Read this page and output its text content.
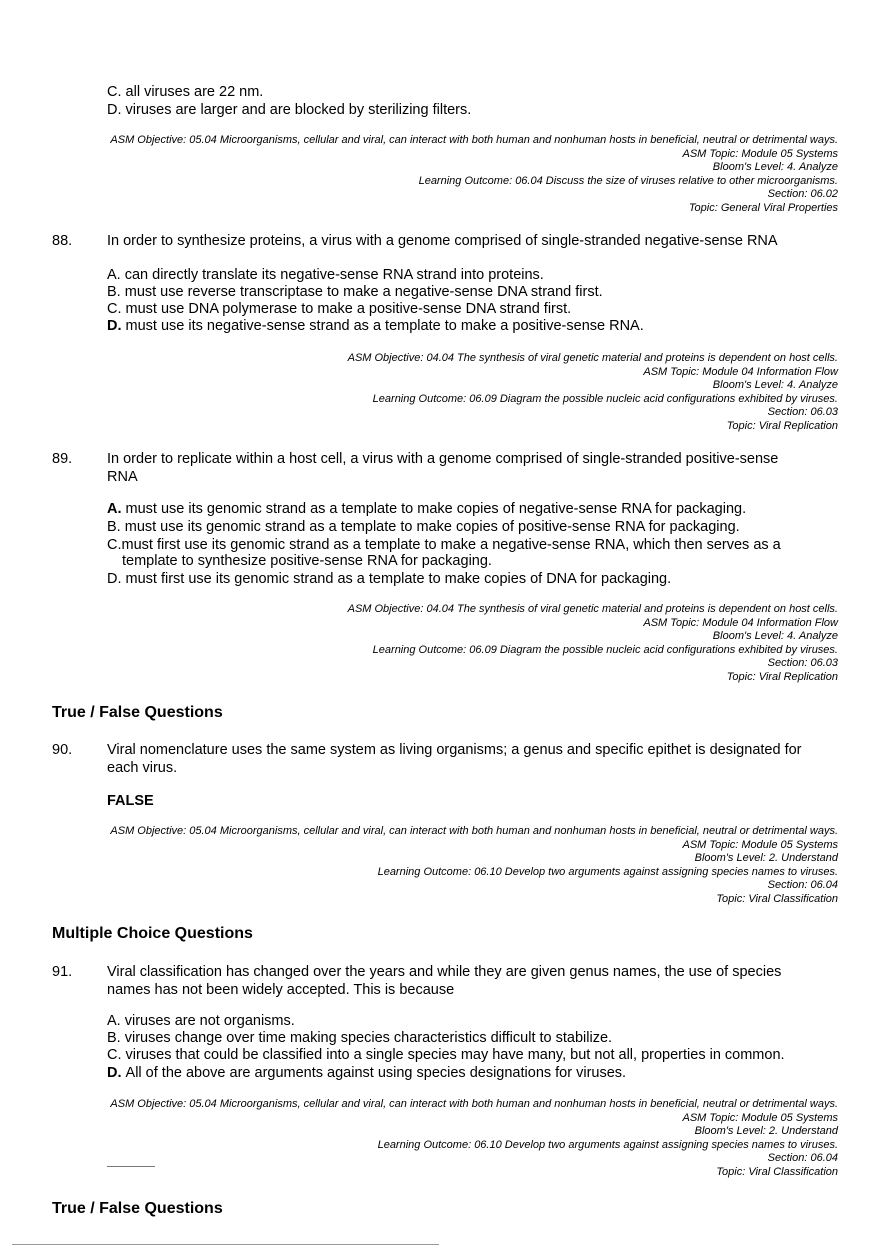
C. all viruses are 22 nm.
D. viruses are larger and are blocked by sterilizing filters.
ASM Objective: 05.04 Microorganisms, cellular and viral, can interact with both human and nonhuman hosts in beneficial, neutral or detrimental ways.
ASM Topic: Module 05 Systems
Bloom's Level: 4. Analyze
Learning Outcome: 06.04 Discuss the size of viruses relative to other microorganisms.
Section: 06.02
Topic: General Viral Properties
88. In order to synthesize proteins, a virus with a genome comprised of single-stranded negative-sense RNA
A. can directly translate its negative-sense RNA strand into proteins.
B. must use reverse transcriptase to make a negative-sense DNA strand first.
C. must use DNA polymerase to make a positive-sense DNA strand first.
D. must use its negative-sense strand as a template to make a positive-sense RNA.
ASM Objective: 04.04 The synthesis of viral genetic material and proteins is dependent on host cells.
ASM Topic: Module 04 Information Flow
Bloom's Level: 4. Analyze
Learning Outcome: 06.09 Diagram the possible nucleic acid configurations exhibited by viruses.
Section: 06.03
Topic: Viral Replication
89. In order to replicate within a host cell, a virus with a genome comprised of single-stranded positive-sense RNA
A. must use its genomic strand as a template to make copies of negative-sense RNA for packaging.
B. must use its genomic strand as a template to make copies of positive-sense RNA for packaging.
C.must first use its genomic strand as a template to make a negative-sense RNA, which then serves as a
template to synthesize positive-sense RNA for packaging.
D. must first use its genomic strand as a template to make copies of DNA for packaging.
ASM Objective: 04.04 The synthesis of viral genetic material and proteins is dependent on host cells.
ASM Topic: Module 04 Information Flow
Bloom's Level: 4. Analyze
Learning Outcome: 06.09 Diagram the possible nucleic acid configurations exhibited by viruses.
Section: 06.03
Topic: Viral Replication
True / False Questions
90. Viral nomenclature uses the same system as living organisms; a genus and specific epithet is designated for each virus.
FALSE
ASM Objective: 05.04 Microorganisms, cellular and viral, can interact with both human and nonhuman hosts in beneficial, neutral or detrimental ways.
ASM Topic: Module 05 Systems
Bloom's Level: 2. Understand
Learning Outcome: 06.10 Develop two arguments against assigning species names to viruses.
Section: 06.04
Topic: Viral Classification
Multiple Choice Questions
91. Viral classification has changed over the years and while they are given genus names, the use of species names has not been widely accepted. This is because
A. viruses are not organisms.
B. viruses change over time making species characteristics difficult to stabilize.
C. viruses that could be classified into a single species may have many, but not all, properties in common.
D. All of the above are arguments against using species designations for viruses.
ASM Objective: 05.04 Microorganisms, cellular and viral, can interact with both human and nonhuman hosts in beneficial, neutral or detrimental ways.
ASM Topic: Module 05 Systems
Bloom's Level: 2. Understand
Learning Outcome: 06.10 Develop two arguments against assigning species names to viruses.
Section: 06.04
Topic: Viral Classification
True / False Questions
